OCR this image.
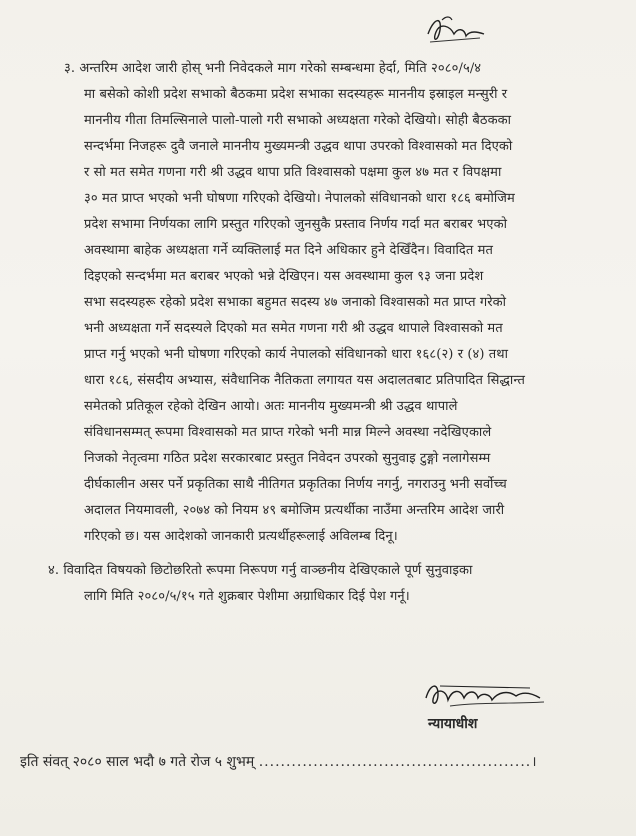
३. अन्तरिम आदेश जारी होस् भनी निवेदकले माग गरेको सम्बन्धमा हेर्दा, मिति २०८०/५/४
मा बसेको कोशी प्रदेश सभाको बैठकमा प्रदेश सभाका सदस्यहरू माननीय इस्राइल मन्सुरी र
माननीय गीता तिमल्सिनाले पालो-पालो गरी सभाको अध्यक्षता गरेको देखियो। सोही बैठकका
सन्दर्भमा निजहरू दुवै जनाले माननीय मुख्यमन्त्री उद्धव थापा उपरको विश्वासको मत दिएको
र सो मत समेत गणना गरी श्री उद्धव थापा प्रति विश्वासको पक्षमा कुल ४७ मत र विपक्षमा
३० मत प्राप्त भएको भनी घोषणा गरिएको देखियो। नेपालको संविधानको धारा १८६ बमोजिम
प्रदेश सभामा निर्णयका लागि प्रस्तुत गरिएको जुनसुकै प्रस्ताव निर्णय गर्दा मत बराबर भएको
अवस्थामा बाहेक अध्यक्षता गर्ने व्यक्तिलाई मत दिने अधिकार हुने देखिँदैन। विवादित मत
दिइएको सन्दर्भमा मत बराबर भएको भन्ने देखिएन। यस अवस्थामा कुल ९३ जना प्रदेश
सभा सदस्यहरू रहेको प्रदेश सभाका बहुमत सदस्य ४७ जनाको विश्वासको मत प्राप्त गरेको
भनी अध्यक्षता गर्ने सदस्यले दिएको मत समेत गणना गरी श्री उद्धव थापाले विश्वासको मत
प्राप्त गर्नु भएको भनी घोषणा गरिएको कार्य नेपालको संविधानको धारा १६८(२) र (४) तथा
धारा १८६, संसदीय अभ्यास, संवैधानिक नैतिकता लगायत यस अदालतबाट प्रतिपादित सिद्धान्त
समेतको प्रतिकूल रहेको देखिन आयो। अतः माननीय मुख्यमन्त्री श्री उद्धव थापाले
संविधानसम्मत् रूपमा विश्वासको मत प्राप्त गरेको भनी मान्न मिल्ने अवस्था नदेखिएकाले
निजको नेतृत्वमा गठित प्रदेश सरकारबाट प्रस्तुत निवेदन उपरको सुनुवाइ टुङ्गो नलागेसम्म
दीर्घकालीन असर पर्ने प्रकृतिका साथै नीतिगत प्रकृतिका निर्णय नगर्नु, नगराउनु भनी सर्वोच्च
अदालत नियमावली, २०७४ को नियम ४९ बमोजिम प्रत्यर्थीका नाउँमा अन्तरिम आदेश जारी
गरिएको छ। यस आदेशको जानकारी प्रत्यर्थीहरूलाई अविलम्ब दिनू।
४. विवादित विषयको छिटोछरितो रूपमा निरूपण गर्नु वाञ्छनीय देखिएकाले पूर्ण सुनुवाइका
लागि मिति २०८०/५/१५ गते शुक्रबार पेशीमा अग्राधिकार दिई पेश गर्नू।
न्यायाधीश
इति संवत् २०८० साल भदौ ७ गते रोज ५ शुभम् ..................................................।
